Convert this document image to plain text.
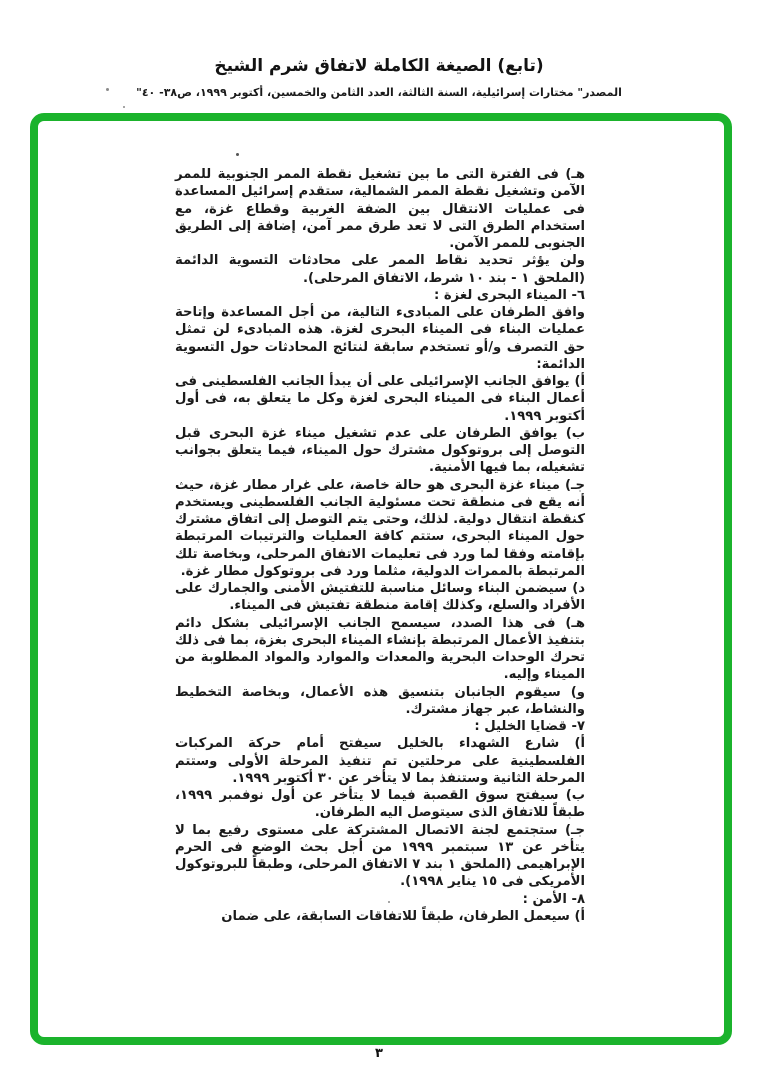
(تابع) الصيغة الكاملة لاتفاق شرم الشيخ
المصدر" مختارات إسرائيلية، السنة الثالثة، العدد الثامن والخمسين، أكتوبر ١٩٩٩، ص٣٨- ٤٠"

هـ) فى الفترة التى ما بين تشغيل نقطة الممر الجنوبية للممر الآمن وتشغيل نقطة الممر الشمالية، ستقدم إسرائيل المساعدة فى عمليات الانتقال بين الضفة الغربية وقطاع غزة، مع استخدام الطرق التى لا تعد طرق ممر آمن، إضافة إلى الطريق الجنوبى للممر الآمن.

ولن يؤثر تحديد نقاط الممر على محادثات التسوية الدائمة (الملحق ١ - بند ١٠ شرط، الاتفاق المرحلى).

٦- الميناء البحرى لغزة :

وافق الطرفان على المبادىء التالية، من أجل المساعدة وإتاحة عمليات البناء فى الميناء البحرى لغزة. هذه المبادىء لن تمثل حق التصرف و/أو تستخدم سابقة لنتائج المحادثات حول التسوية الدائمة:

أ) يوافق الجانب الإسرائيلى على أن يبدأ الجانب الفلسطينى فى أعمال البناء فى الميناء البحرى لغزة وكل ما يتعلق به، فى أول أكتوبر ١٩٩٩.

ب) يوافق الطرفان على عدم تشغيل ميناء غزة البحرى قبل التوصل إلى بروتوكول مشترك حول الميناء، فيما يتعلق بجوانب تشغيله، بما فيها الأمنية.

جـ) ميناء غزة البحرى هو حالة خاصة، على غرار مطار غزة، حيث أنه يقع فى منطقة تحت مسئولية الجانب الفلسطينى ويستخدم كنقطة انتقال دولية. لذلك، وحتى يتم التوصل إلى اتفاق مشترك حول الميناء البحرى، ستتم كافة العمليات والترتيبات المرتبطة بإقامته وفقا لما ورد فى تعليمات الاتفاق المرحلى، وبخاصة تلك المرتبطة بالممرات الدولية، مثلما ورد فى بروتوكول مطار غزة.

د) سيضمن البناء وسائل مناسبة للتفتيش الأمنى والجمارك على الأفراد والسلع، وكذلك إقامة منطقة تفتيش فى الميناء.

هـ) فى هذا الصدد، سيسمح الجانب الإسرائيلى بشكل دائم بتنفيذ الأعمال المرتبطة بإنشاء الميناء البحرى بغزة، بما فى ذلك تحرك الوحدات البحرية والمعدات والموارد والمواد المطلوبة من الميناء وإليه.

و) سيقوم الجانبان بتنسيق هذه الأعمال، وبخاصة التخطيط والنشاط، عبر جهاز مشترك.

٧- قضايا الخليل :

أ) شارع الشهداء بالخليل سيفتح أمام حركة المركبات الفلسطينية على مرحلتين تم تنفيذ المرحلة الأولى وستتم المرحلة الثانية وستنفذ بما لا يتأخر عن ٣٠ أكتوبر ١٩٩٩.

ب) سيفتح سوق القصبة فيما لا يتأخر عن أول نوفمبر ١٩٩٩، طبقاً للاتفاق الذى سيتوصل اليه الطرفان.

جـ) ستجتمع لجنة الاتصال المشتركة على مستوى رفيع بما لا يتأخر عن ١٣ سبتمبر ١٩٩٩ من أجل بحث الوضع فى الحرم الإبراهيمى (الملحق ١ بند ٧ الاتفاق المرحلى، وطبقاً للبروتوكول الأمريكى فى ١٥ يناير ١٩٩٨).

٨- الأمن :

أ) سيعمل الطرفان، طبقاً للاتفاقات السابقة، على ضمان

٣
